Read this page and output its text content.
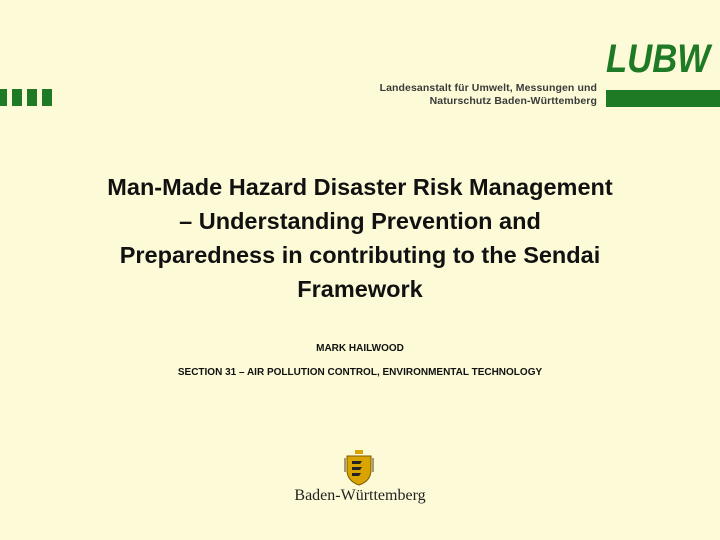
LUBW
Landesanstalt für Umwelt, Messungen und
Naturschutz Baden-Württemberg
Man-Made Hazard Disaster Risk Management
– Understanding Prevention and
Preparedness in contributing to the Sendai
Framework
MARK HAILWOOD
SECTION 31 – AIR POLLUTION CONTROL, ENVIRONMENTAL TECHNOLOGY
Baden-Württemberg
